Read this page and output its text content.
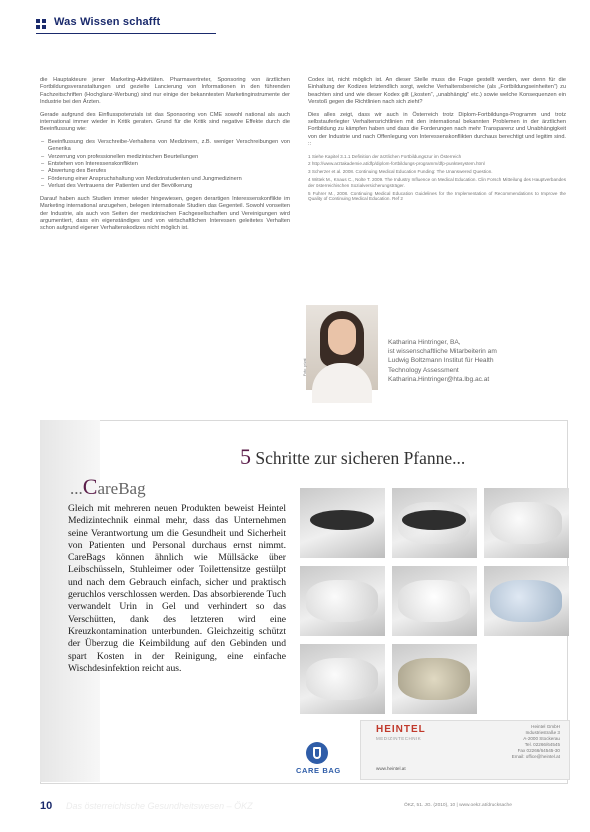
Was Wissen schafft

die Hauptakteure jener Marketing-Aktivitäten. Pharmavertreter, Sponsoring von ärztlichen Fortbildungsveranstaltungen und gezielte Lancierung von Informationen in den führenden Fachzeitschriften (Hochglanz-Werbung) sind nur einige der bekanntesten Marketinginstrumente der Industrie bei den Ärzten.

Gerade aufgrund des Einflusspotenzials ist das Sponsoring von CME sowohl national als auch international immer wieder in Kritik geraten. Grund für die Kritik sind negative Effekte durch die Beeinflussung wie:

– Beeinflussung des Verschreibe-Verhaltens von Medizinern, z.B. weniger Verschreibungen von Generika
– Verzerrung von professionellen medizinischen Beurteilungen
– Entstehen von Interessenskonflikten
– Abwertung des Berufes
– Förderung einer Anspruchshaltung von Medizinstudenten und Jungmedizinern
– Verlust des Vertrauens der Patienten und der Bevölkerung

Darauf haben auch Studien immer wieder hingewiesen, gegen derartigen Interessenskonflikte im Marketing international anzugehen, belegen internationale Studien das Gegenteil. Sowohl vonseiten der Industrie, als auch von Seiten der medizinischen Fachgesellschaften und Vereinigungen wird argumentiert, dass ein eigenständiges und von wirtschaftlichen Interessen geleitetes Verhalten schon aufgrund eigener Verhaltenskodizes nicht möglich ist.

Codex ist, nicht möglich ist. An dieser Stelle muss die Frage gestellt werden, wer denn für die Einhaltung der Kodizes letztendlich sorgt, welche Verhaltensbereiche (als „Fortbildungseinheiten“) zu beachten sind und wie dieser Kodex gilt („kosten“, „unabhängig“ etc.) sowie welche Konsequenzen ein Verstoß gegen die Richtlinien nach sich zieht?

Dies alles zeigt, dass wir auch in Österreich trotz Diplom-Fortbildungs-Programm und trotz selbstauferlegter Verhaltensrichtlinien mit den international bekannten Problemen in der ärztlichen Fortbildung zu kämpfen haben und dass die Forderungen nach mehr Transparenz und Unabhängigkeit von der Industrie und nach Offenlegung von Interessenskonflikten durchaus berechtigt und legitim sind. ::

1 Siehe Kapitel 3.1.1 Definition der ärztlichen Fortbildungszur im Österreich

2 http://www.arztakademie.at/dfp/diplom-fortbildungs-programm/dfp-punktesystem.html

3 Scherzer et al. 2008. Continuing Medical Education Funding: The Unanswered Question.

4 Wittek M., Knaus C., Nolte T. 2009. The Industry Influence on Medical Education. Clin Forsch Mitteilung des Hauptverbandes der österreichischen Sozialversicherungsträger.

5 Fuhrer M., 2008. Continuing Medical Education Guidelines for the Implementation of Recommendations to Improve the Quality of Continuing Medical Education. Ref 2

Foto: privat
Katharina Hintringer, BA,
ist wissenschaftliche Mitarbeiterin am
Ludwig Boltzmann Institut für Health
Technology Assessment
Katharina.Hintringer@hta.lbg.ac.at
5 Schritte zur sicheren Pfanne...
...CareBag
Gleich mit mehreren neuen Produkten beweist Heintel Medizintechnik einmal mehr, dass das Unternehmen seine Verantwortung um die Gesundheit und Sicherheit von Patienten und Personal durchaus ernst nimmt. CareBags können ähnlich wie Müllsäcke über Leibschüsseln, Stuhleimer oder Toilettensitze gestülpt und nach dem Gebrauch einfach, sicher und praktisch geruchlos verschlossen werden. Das absorbierende Tuch verwandelt Urin in Gel und verhindert so das Verschütten, dank des letzteren wird eine Kreuzkontamination unterbunden. Gleichzeitig schützt der Überzug die Keimbildung auf den Gebinden und spart Kosten in der Reinigung, eine einfache Wischdesinfektion reicht aus.
HEINTEL
MEDIZINTECHNIK
www.heintel.at
Heintel GmbH
Industriestraße 3
A-2000 Stockerau
Tel. 02266/64545
Fax 02266/64545-30
Email: office@heintel.at
CARE BAG
10 Das österreichische Gesundheitswesen – ÖKZ	ÖKZ, 51. JG. (2010), 10 | www.oekz.at/drucksache
